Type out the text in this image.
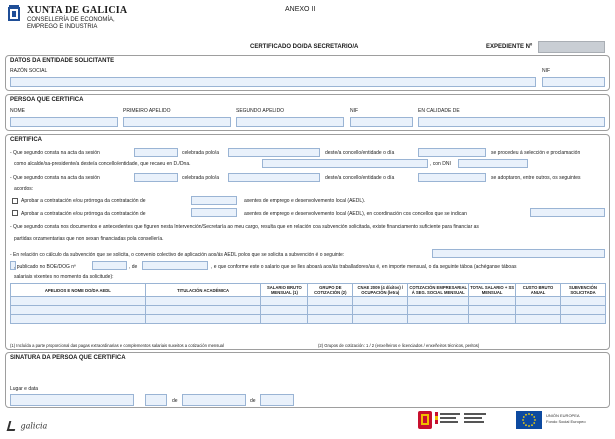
XUNTA DE GALICIA
CONSELLERÍA DE ECONOMÍA,
EMPREGO E INDUSTRIA
ANEXO II
CERTIFICADO DO/DA SECRETARIO/A	EXPEDIENTE Nº
DATOS DA ENTIDADE SOLICITANTE
RAZÓN SOCIAL	NIF
PERSOA QUE CERTIFICA
NOME	PRIMEIRO APELIDO	SEGUNDO APELIDO	NIF	EN CALIDADE DE
CERTIFICA
- Que segundo consta na acta da sesión	celebrada polo/a	deste/a concello/entidade o día	se procedeu á selección e proclamación
como alcalde/sa-presidente/a deste/a concello/entidade, que recaeu en D./Dna.	, con DNI
- Que segundo consta na acta da sesión	celebrada polo/a	deste/a concello/entidade o día	se adoptaron, entre outros, os seguintes
acordos:
Aprobar a contratación e/ou prórroga da contratación de	axentes de emprego e desenvolvemento local (AEDL).
Aprobar a contratación e/ou prórroga da contratación de	axentes de emprego e desenvolvemento local (AEDL), en coordinación cos concellos que se indican
- Que segundo consta nos documentos e antecedentes que figuren nesta Intervención/Secretaría ao meu cargo, resulta que en relación coa subvención solicitada, existe financiamento suficiente para financiar as
partidas orzamentarias que non sexan financiadas pola consellería.
- En relación co cálculo da subvención que se solicita, o convenio colectivo de aplicación aos/ás AEDL polos que se solicita a subvención é o seguinte:
, publicado no BOE/DOG nº	, de	, e que conforme este o salario que se lles aboará aos/ás traballadores/as é, en importe mensual, o da seguinte táboa (achéganse táboas
salariais vixentes no momento da solicitude):
APELIDOS E NOME DO/DA AEDL	TITULACIÓN ACADÉMICA	SALARIO BRUTO MENSUAL (1)	GRUPO DE COTIZACIÓN (2)	CNAE 2009 (4 díxitos) / OCUPACIÓN (letra)	COTIZACIÓN EMPRESARIAL Á SEG. SOCIAL MENSUAL	TOTAL SALARIO + SS MENSUAL	CUSTO BRUTO ANUAL	SUBVENCIÓN SOLICITADA

(1) Incluída a parte proporcional das pagas extraordinarias e complementos salariais suxeitos a cotización mensual	(2) Grupos de cotización: 1 / 2 (enxeñeiros e licenciados / enxeñeiros técnicos, peritos)
SINATURA DA PERSOA QUE CERTIFICA
Lugar e data
de	de
galicia
UNIÓN EUROPEA
Fondo Social Europeo
